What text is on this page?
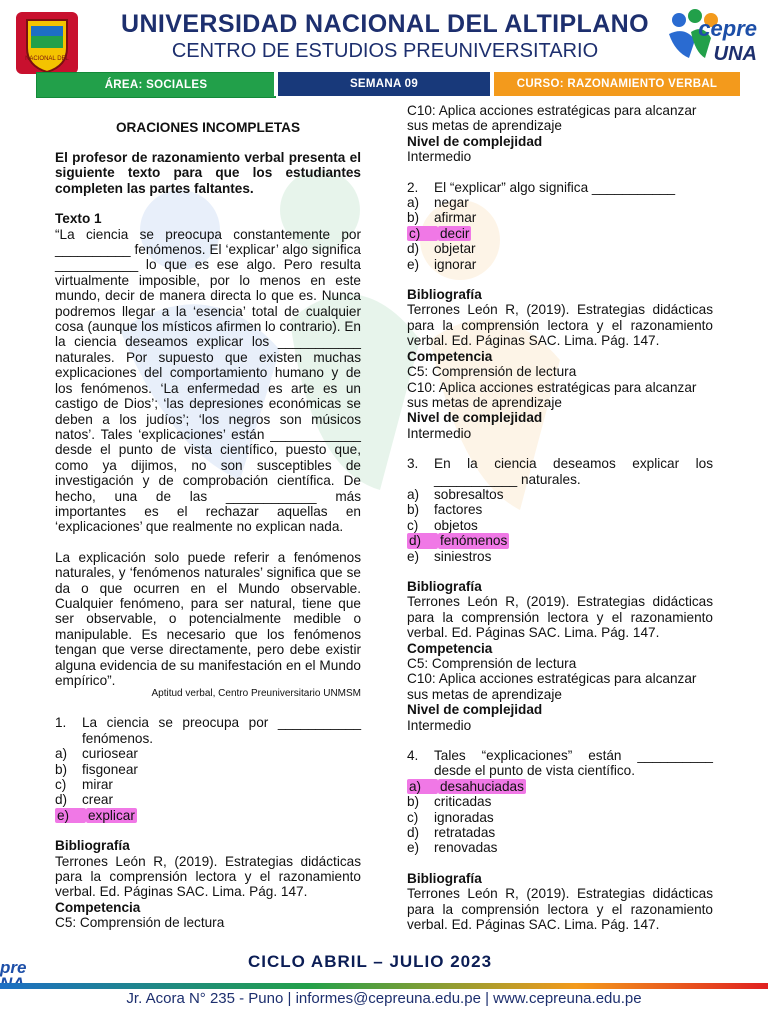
NACIONAL DEL
UNIVERSIDAD NACIONAL DEL ALTIPLANO
CENTRO DE ESTUDIOS PREUNIVERSITARIO
cepre
UNA
ÁREA: SOCIALES	SEMANA 09	CURSO: RAZONAMIENTO VERBAL
ORACIONES INCOMPLETAS
El profesor de razonamiento verbal presenta el siguiente texto para que los estudiantes completen las partes faltantes.
Texto 1
“La ciencia se preocupa constantemente por __________ fenómenos. El ‘explicar’ algo significa ___________ lo que es ese algo. Pero resulta virtualmente imposible, por lo menos en este mundo, decir de manera directa lo que es. Nunca podremos llegar a la ‘esencia’ total de cualquier cosa (aunque los místicos afirmen lo contrario). En la ciencia deseamos explicar los ___________ naturales. Por supuesto que existen muchas explicaciones del comportamiento humano y de los fenómenos. ‘La enfermedad es arte es un castigo de Dios’; ‘las depresiones económicas se deben a los judíos’; ‘los negros son músicos natos’. Tales ‘explicaciones’ están ____________ desde el punto de vista científico, puesto que, como ya dijimos, no son susceptibles de investigación y de comprobación científica. De hecho, una de las ____________ más importantes es el rechazar aquellas en ‘explicaciones’ que realmente no explican nada.
La explicación solo puede referir a fenómenos naturales, y ‘fenómenos naturales’ significa que se da o que ocurren en el Mundo observable. Cualquier fenómeno, para ser natural, tiene que ser observable, o potencialmente medible o manipulable. Es necesario que los fenómenos tengan que verse directamente, pero debe existir alguna evidencia de su manifestación en el Mundo empírico”.
Aptitud verbal, Centro Preuniversitario UNMSM
1.	La ciencia se preocupa por ___________ fenómenos.
a)	curiosear
b)	fisgonear
c)	mirar
d)	crear
e)	explicar
Bibliografía
Terrones León R, (2019). Estrategias didácticas para la comprensión lectora y el razonamiento verbal. Ed. Páginas SAC. Lima. Pág. 147.
Competencia
C5: Comprensión de lectura
C10: Aplica acciones estratégicas para alcanzar sus metas de aprendizaje
Nivel de complejidad
Intermedio
2.	El “explicar” algo significa ___________
a)	negar
b)	afirmar
c)	decir
d)	objetar
e)	ignorar
Bibliografía
Terrones León R, (2019). Estrategias didácticas para la comprensión lectora y el razonamiento verbal. Ed. Páginas SAC. Lima. Pág. 147.
Competencia
C5: Comprensión de lectura
C10: Aplica acciones estratégicas para alcanzar sus metas de aprendizaje
Nivel de complejidad
Intermedio
3.	En la ciencia deseamos explicar los ___________ naturales.
a)	sobresaltos
b)	factores
c)	objetos
d)	fenómenos
e)	siniestros
Bibliografía
Terrones León R, (2019). Estrategias didácticas para la comprensión lectora y el razonamiento verbal. Ed. Páginas SAC. Lima. Pág. 147.
Competencia
C5: Comprensión de lectura
C10: Aplica acciones estratégicas para alcanzar sus metas de aprendizaje
Nivel de complejidad
Intermedio
4.	Tales “explicaciones” están __________ desde el punto de vista científico.
a)	desahuciadas
b)	criticadas
c)	ignoradas
d)	retratadas
e)	renovadas
Bibliografía
Terrones León R, (2019). Estrategias didácticas para la comprensión lectora y el razonamiento verbal. Ed. Páginas SAC. Lima. Pág. 147.
pre	CICLO ABRIL – JULIO 2023
Jr. Acora N° 235 - Puno | informes@cepreuna.edu.pe | www.cepreuna.edu.pe
